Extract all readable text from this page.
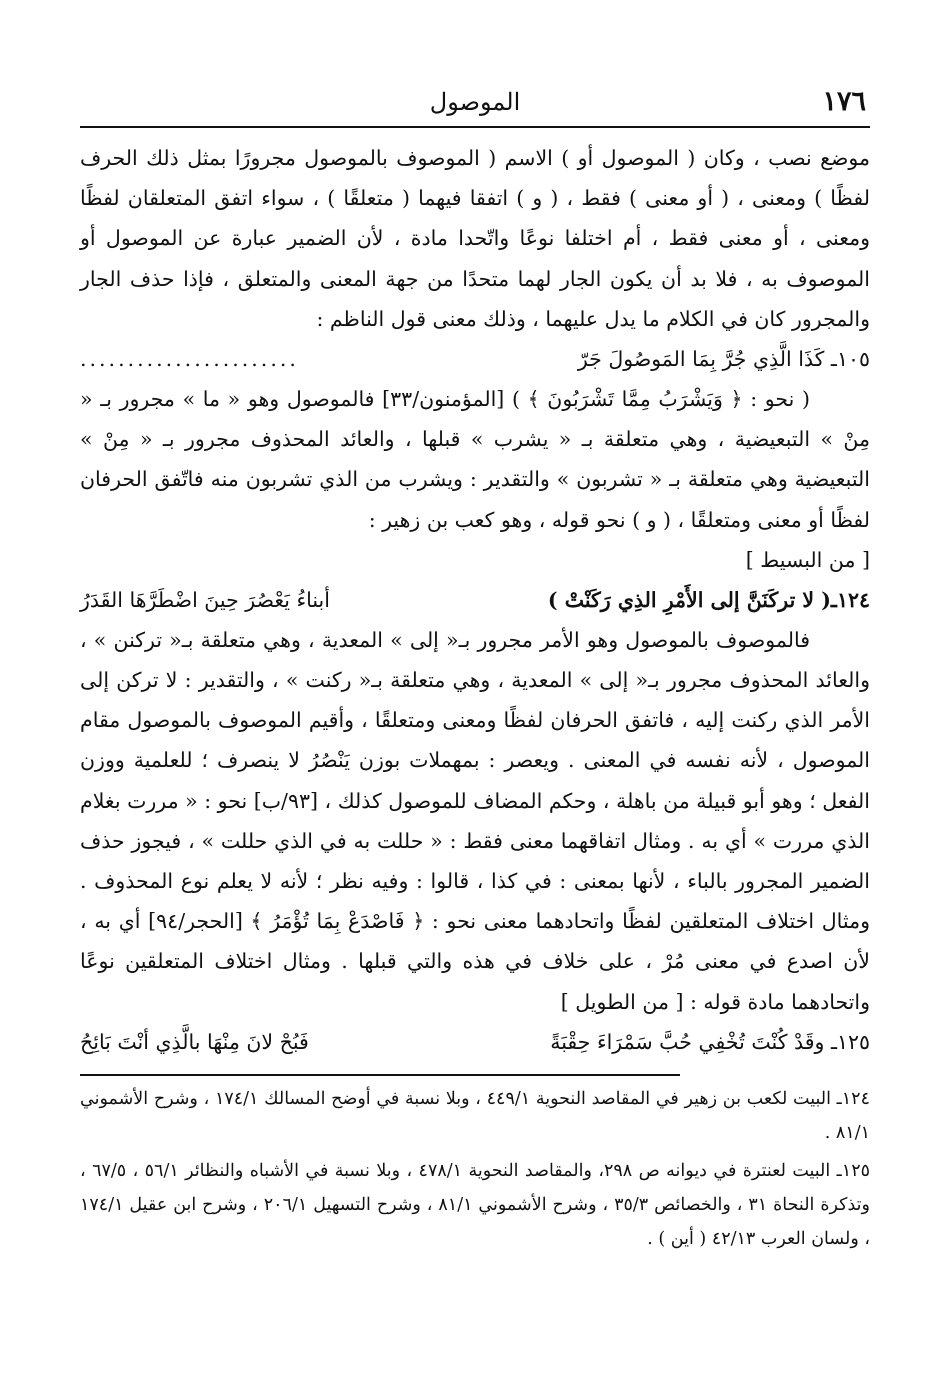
١٧٦
الموصول

موضع نصب ، وكان ( الموصول أو ) الاسم ( الموصوف بالموصول مجرورًا بمثل ذلك الحرف لفظًا ) ومعنى ، ( أو معنى ) فقط ، ( و ) اتفقا فيهما ( متعلقًا ) ، سواء اتفق المتعلقان لفظًا ومعنى ، أو معنى فقط ، أم اختلفا نوعًا واتّحدا مادة ، لأن الضمير عبارة عن الموصول أو الموصوف به ، فلا بد أن يكون الجار لهما متحدًا من جهة المعنى والمتعلق ، فإذا حذف الجار والمجرور كان في الكلام ما يدل عليهما ، وذلك معنى قول الناظم :

١٠٥ـ كَذَا الَّذِي جُرَّ بِمَا المَوصُولَ جَرّ
.......................

( نحو : ﴿ وَيَشْرَبُ مِمَّا تَشْرَبُونَ ﴾ ) [المؤمنون/٣٣] فالموصول وهو « ما » مجرور بـ « مِنْ » التبعيضية ، وهي متعلقة بـ « يشرب » قبلها ، والعائد المحذوف مجرور بـ « مِنْ » التبعيضية وهي متعلقة بـ « تشربون » والتقدير : ويشرب من الذي تشربون منه فاتّفق الحرفان لفظًا أو معنى ومتعلقًا ، ( و ) نحو قوله ، وهو كعب بن زهير :

[ من البسيط ]
١٢٤ـ( لا تركَنَنَّ إلى الأَمْرِ الذِي رَكَنْتْ )
أبناءُ يَعْصُرَ حِينَ اضْطَرَّهَا القَدَرُ

فالموصوف بالموصول وهو الأمر مجرور بـ« إلى » المعدية ، وهي متعلقة بـ« تركنن » ، والعائد المحذوف مجرور بـ« إلى » المعدية ، وهي متعلقة بـ« ركنت » ، والتقدير : لا تركن إلى الأمر الذي ركنت إليه ، فاتفق الحرفان لفظًا ومعنى ومتعلقًا ، وأقيم الموصوف بالموصول مقام الموصول ، لأنه نفسه في المعنى . ويعصر : بمهملات بوزن يَنْصُرُ لا ينصرف ؛ للعلمية ووزن الفعل ؛ وهو أبو قبيلة من باهلة ، وحكم المضاف للموصول كذلك ، [٩٣/ب] نحو : « مررت بغلام الذي مررت » أي به . ومثال اتفاقهما معنى فقط : « حللت به في الذي حللت » ، فيجوز حذف الضمير المجرور بالباء ، لأنها بمعنى : في كذا ، قالوا : وفيه نظر ؛ لأنه لا يعلم نوع المحذوف . ومثال اختلاف المتعلقين لفظًا واتحادهما معنى نحو : ﴿ فَاصْدَعْ بِمَا تُؤْمَرُ ﴾ [الحجر/٩٤] أي به ، لأن اصدع في معنى مُرْ ، على خلاف في هذه والتي قبلها . ومثال اختلاف المتعلقين نوعًا واتحادهما مادة قوله : [ من الطويل ]

١٢٥ـ وقَدْ كُنْتَ تُخْفِي حُبَّ سَمْرَاءَ حِقْبَةً
فَبُحْ لانَ مِنْهَا بالَّذِي أنْتَ بَائِحُ

١٢٤ـ البيت لكعب بن زهير في المقاصد النحوية ٤٤٩/١ ، وبلا نسبة في أوضح المسالك ١٧٤/١ ، وشرح الأشموني ٨١/١ .

١٢٥ـ البيت لعنترة في ديوانه ص ٢٩٨، والمقاصد النحوية ٤٧٨/١ ، وبلا نسبة في الأشباه والنظائر ٥٦/١ ، ٦٧/٥ ، وتذكرة النحاة ٣١ ، والخصائص ٣٥/٣ ، وشرح الأشموني ٨١/١ ، وشرح التسهيل ٢٠٦/١ ، وشرح ابن عقيل ١٧٤/١ ، ولسان العرب ٤٢/١٣ ( أين ) .
